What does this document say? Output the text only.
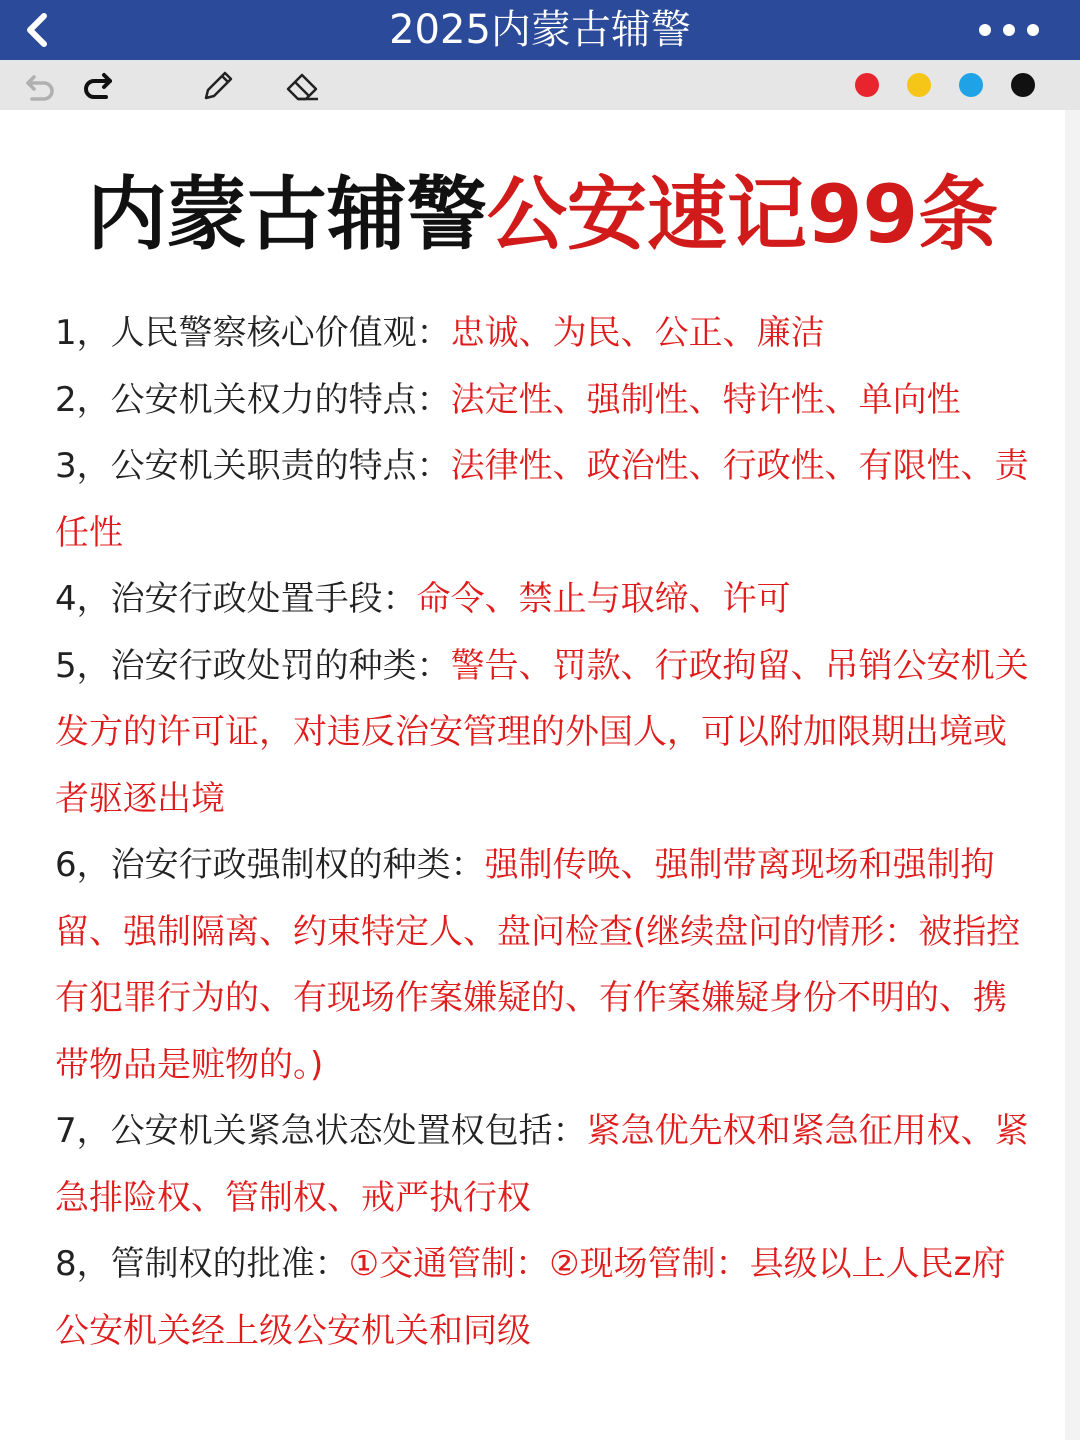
2025内蒙古辅警
内蒙古辅警公安速记99条

1，人民警察核心价值观：忠诚、为民、公正、廉洁

2，公安机关权力的特点：法定性、强制性、特许性、单向性

3，公安机关职责的特点：法律性、政治性、行政性、有限性、责任性

4，治安行政处置手段：命令、禁止与取缔、许可

5，治安行政处罚的种类：警告、罚款、行政拘留、吊销公安机关发方的许可证，对违反治安管理的外国人，可以附加限期出境或者驱逐出境

6，治安行政强制权的种类：强制传唤、强制带离现场和强制拘留、强制隔离、约束特定人、盘问检查(继续盘问的情形：被指控有犯罪行为的、有现场作案嫌疑的、有作案嫌疑身份不明的、携带物品是赃物的。)

7，公安机关紧急状态处置权包括：紧急优先权和紧急征用权、紧急排险权、管制权、戒严执行权

8，管制权的批准：①交通管制：②现场管制：县级以上人民z府公安机关经上级公安机关和同级
